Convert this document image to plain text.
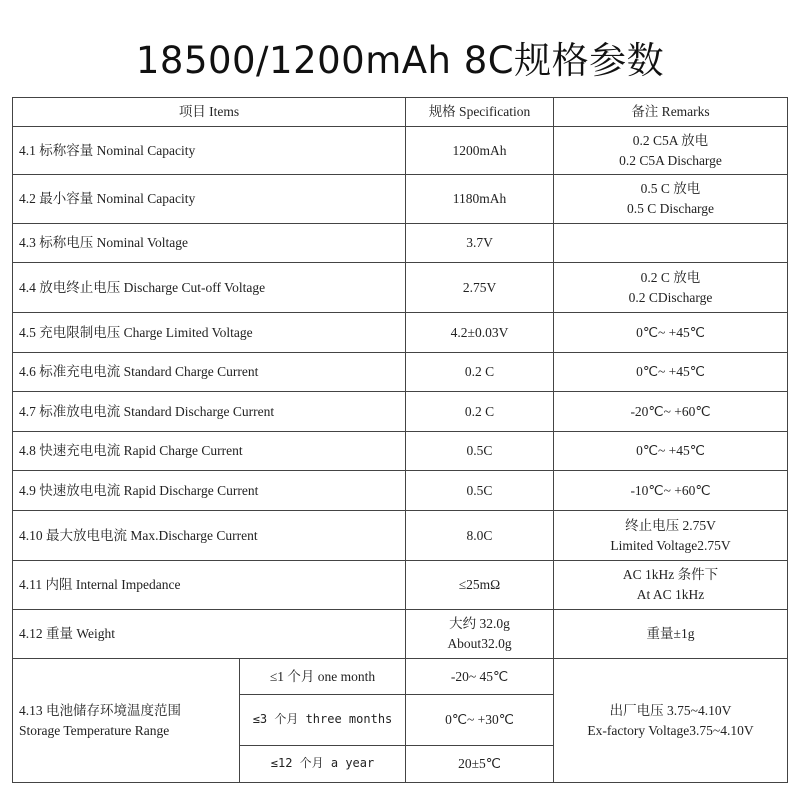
18500/1200mAh 8C规格参数
项目 Items		规格 Specification	备注 Remarks
4.1 标称容量 Nominal Capacity		1200mAh	0.2 C5A 放电
0.2 C5A Discharge

4.2 最小容量 Nominal Capacity		1180mAh	0.5 C 放电
0.5 C Discharge

4.3 标称电压 Nominal Voltage		3.7V	

4.4 放电终止电压 Discharge Cut-off Voltage		2.75V	0.2 C 放电
0.2 CDischarge

4.5 充电限制电压 Charge Limited Voltage		4.2±0.03V	0℃~ +45℃

4.6 标准充电电流 Standard Charge Current		0.2 C	0℃~ +45℃

4.7 标准放电电流 Standard Discharge Current		0.2 C	-20℃~ +60℃

4.8 快速充电电流 Rapid Charge Current		0.5C	0℃~ +45℃

4.9 快速放电电流 Rapid Discharge Current		0.5C	-10℃~ +60℃

4.10 最大放电电流 Max.Discharge Current		8.0C	终止电压 2.75V
Limited Voltage2.75V

4.11 内阻 Internal Impedance		≤25mΩ	AC 1kHz 条件下
At AC 1kHz

4.12 重量 Weight		大约 32.0g
About32.0g	重量±1g

4.13 电池储存环境温度范围
Storage Temperature Range	≤1 个月 one month	-20~ 45℃	出厂电压 3.75~4.10V
Ex-factory Voltage3.75~4.10V

	≤3 个月 three months	0℃~ +30℃	
	≤12 个月 a year	20±5℃	
